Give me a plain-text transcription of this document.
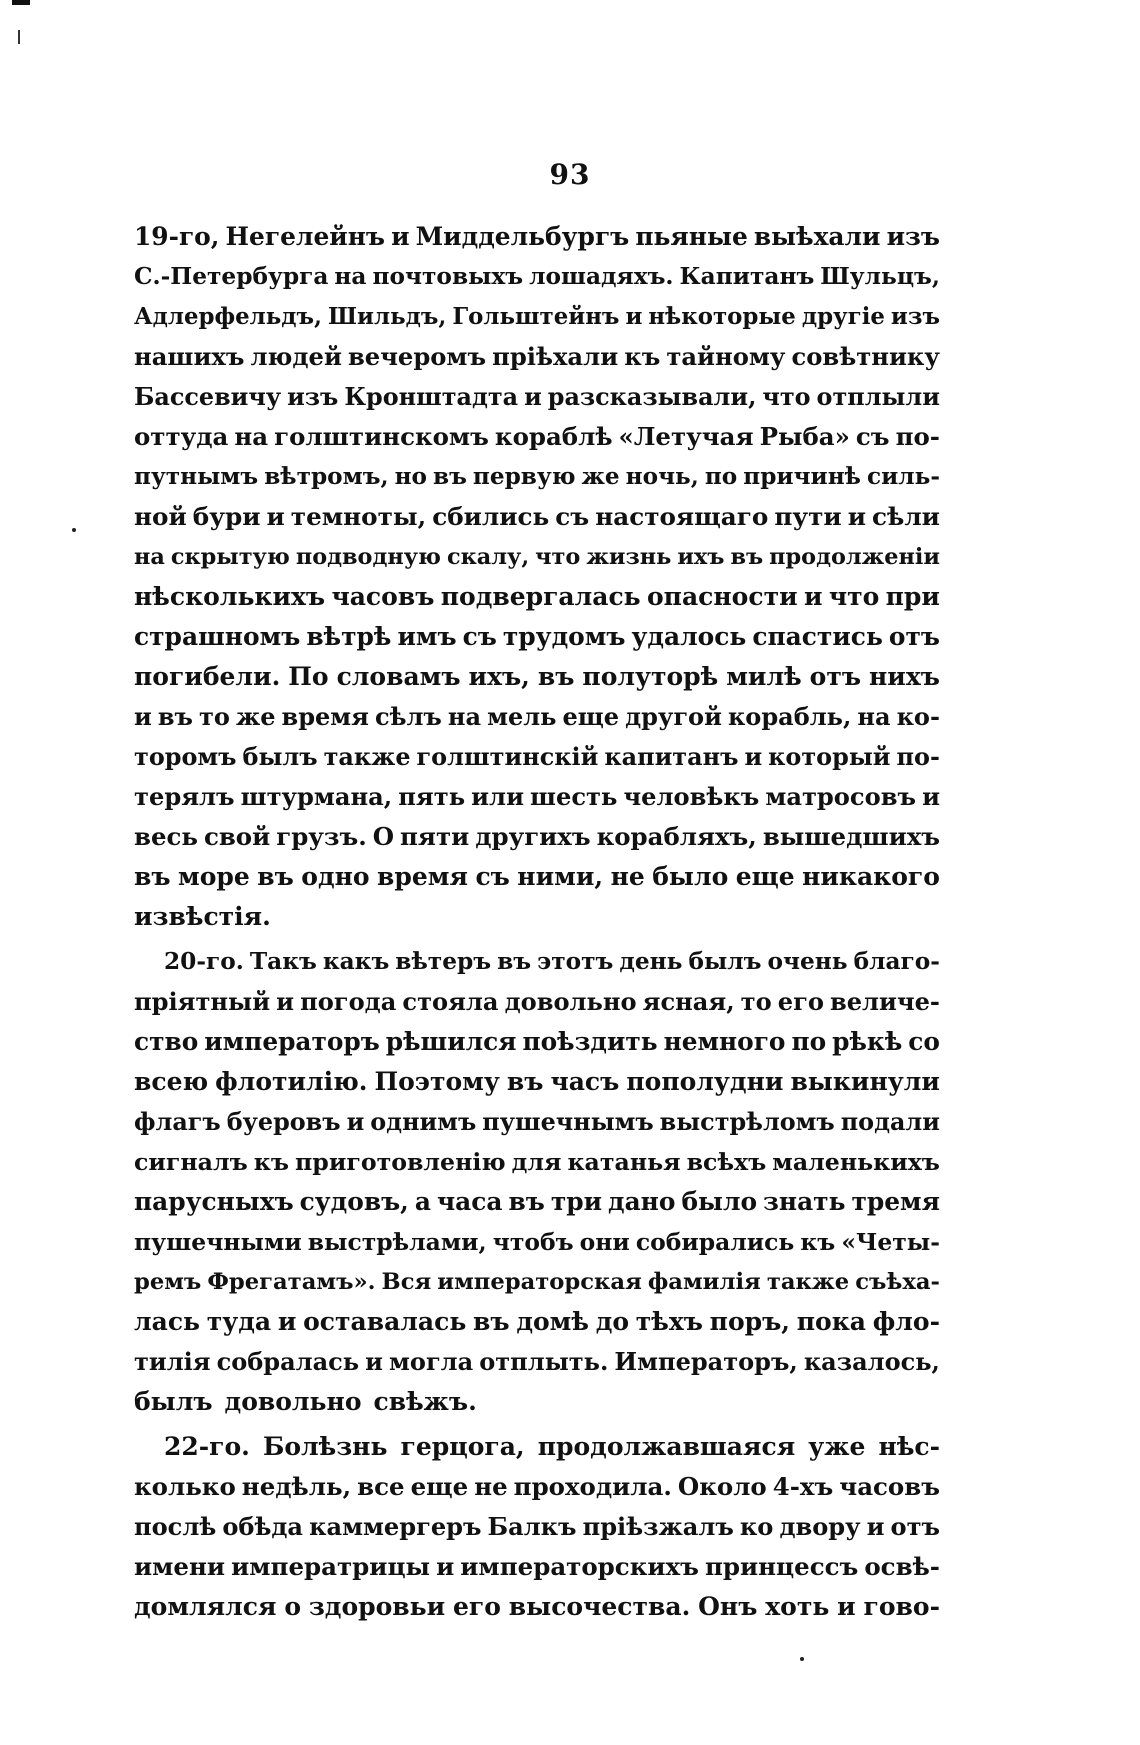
93
19-го, Негелейнъ и Миддельбургъ пьяные выѣхали изъ
С.-Петербурга на почтовыхъ лошадяхъ. Капитанъ Шульцъ,
Адлерфельдъ, Шильдъ, Гольштейнъ и нѣкоторые другіе изъ
нашихъ людей вечеромъ пріѣхали къ тайному совѣтнику
Бассевичу изъ Кронштадта и разсказывали, что отплыли
оттуда на голштинскомъ кораблѣ «Летучая Рыба» съ по-
путнымъ вѣтромъ, но въ первую же ночь, по причинѣ силь-
ной бури и темноты, сбились съ настоящаго пути и сѣли
на скрытую подводную скалу, что жизнь ихъ въ продолженіи
нѣсколькихъ часовъ подвергалась опасности и что при
страшномъ вѣтрѣ имъ съ трудомъ удалось спастись отъ
погибели. По словамъ ихъ, въ полуторѣ милѣ отъ нихъ
и въ то же время сѣлъ на мель еще другой корабль, на ко-
торомъ былъ также голштинскій капитанъ и который по-
терялъ штурмана, пять или шесть человѣкъ матросовъ и
весь свой грузъ. О пяти другихъ корабляхъ, вышедшихъ
въ море въ одно время съ ними, не было еще никакого
извѣстія.
20-го. Такъ какъ вѣтеръ въ этотъ день былъ очень благо-
пріятный и погода стояла довольно ясная, то его величе-
ство императоръ рѣшился поѣздить немного по рѣкѣ со
всею флотилію. Поэтому въ часъ пополудни выкинули
флагъ буеровъ и однимъ пушечнымъ выстрѣломъ подали
сигналъ къ приготовленію для катанья всѣхъ маленькихъ
парусныхъ судовъ, а часа въ три дано было знать тремя
пушечными выстрѣлами, чтобъ они собирались къ «Четы-
ремъ Фрегатамъ». Вся императорская фамилія также съѣха-
лась туда и оставалась въ домѣ до тѣхъ поръ, пока фло-
тилія собралась и могла отплыть. Императоръ, казалось,
былъ довольно свѣжъ.
22-го. Болѣзнь герцога, продолжавшаяся уже нѣс-
колько недѣль, все еще не проходила. Около 4-хъ часовъ
послѣ обѣда каммергеръ Балкъ пріѣзжалъ ко двору и отъ
имени императрицы и императорскихъ принцессъ освѣ-
домлялся о здоровьи его высочества. Онъ хоть и гово-
